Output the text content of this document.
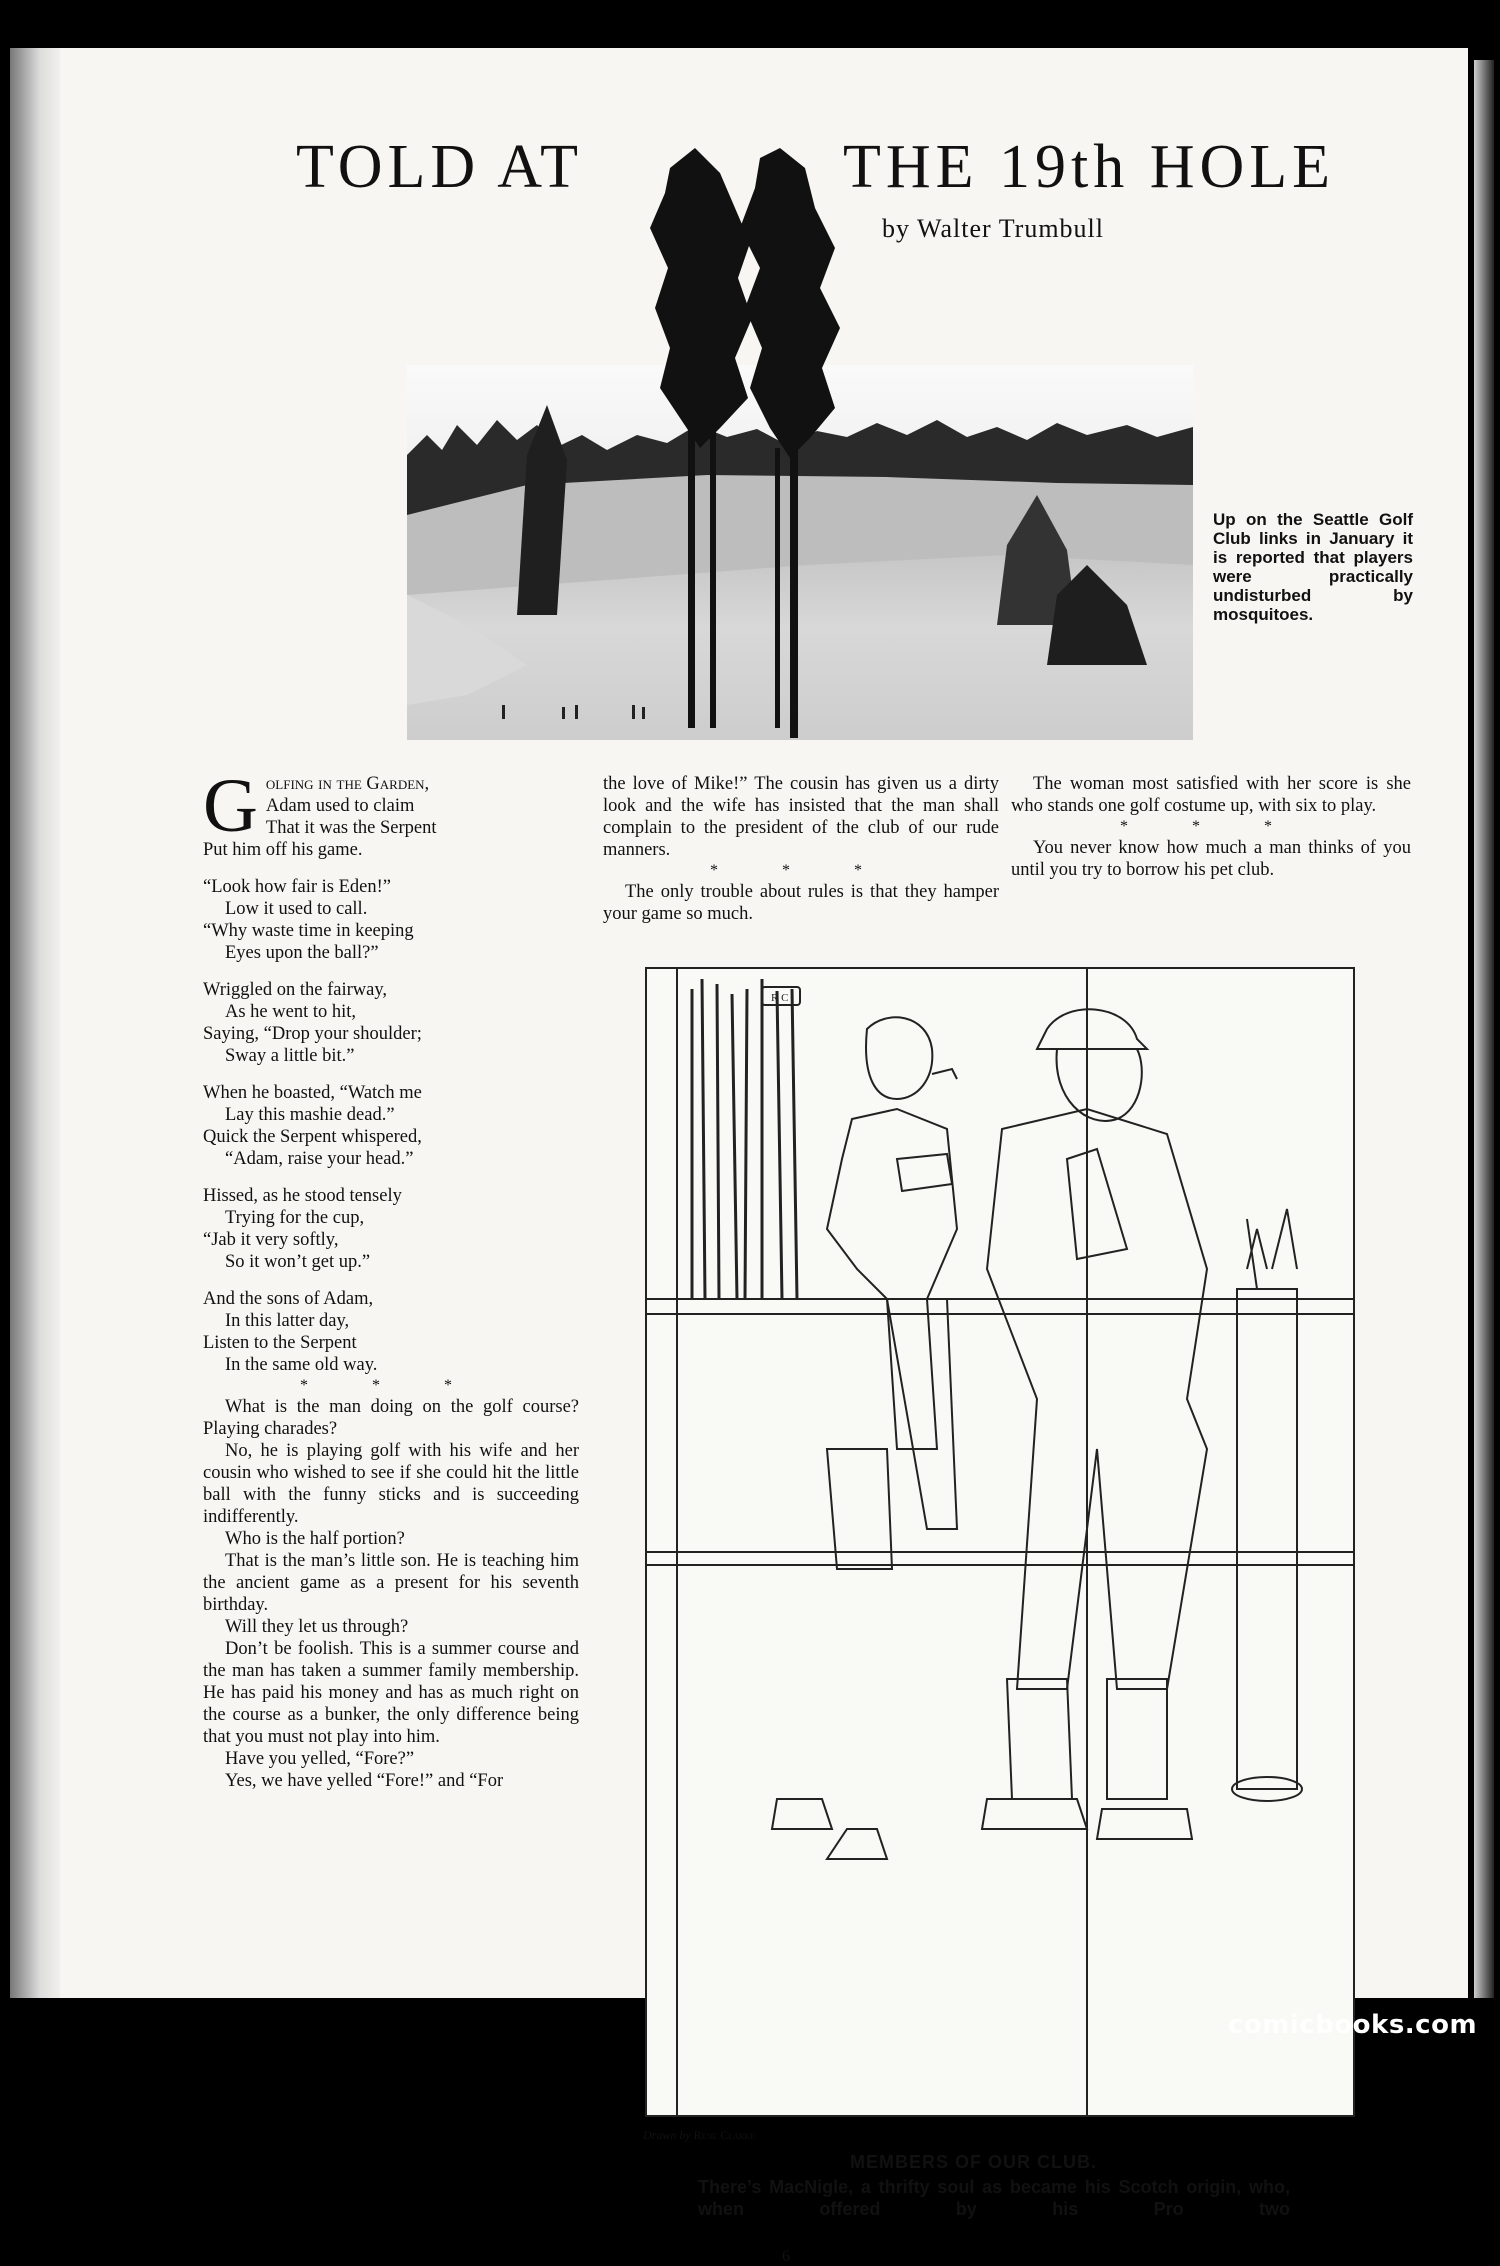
TOLD AT	THE 19th HOLE
by Walter Trumbull
Up on the Seattle Golf Club links in January it is reported that players were practically undisturbed by mosquitoes.
G olfing in the Garden,
Adam used to claim
That it was the Serpent
Put him off his game.
“Look how fair is Eden!”
Low it used to call.
“Why waste time in keeping
Eyes upon the ball?”
Wriggled on the fairway,
As he went to hit,
Saying, “Drop your shoulder;
Sway a little bit.”
When he boasted, “Watch me
Lay this mashie dead.”
Quick the Serpent whispered,
“Adam, raise your head.”
Hissed, as he stood tensely
Trying for the cup,
“Jab it very softly,
So it won’t get up.”
And the sons of Adam,
In this latter day,
Listen to the Serpent
In the same old way.
* * *

What is the man doing on the golf course? Playing charades?

No, he is playing golf with his wife and her cousin who wished to see if she could hit the little ball with the funny sticks and is succeeding indifferently.

Who is the half portion?

That is the man’s little son. He is teaching him the ancient game as a present for his seventh birthday.

Will they let us through?

Don’t be foolish. This is a summer course and the man has taken a summer family membership. He has paid his money and has as much right on the course as a bunker, the only difference being that you must not play into him.

Have you yelled, “Fore?”

Yes, we have yelled “Fore!” and “For

the love of Mike!” The cousin has given us a dirty look and the wife has insisted that the man shall complain to the president of the club of our rude manners.

* * *

The only trouble about rules is that they hamper your game so much.

The woman most satisfied with her score is she who stands one golf costume up, with six to play.

* * *

You never know how much a man thinks of you until you try to borrow his pet club.

R C
Drawn by Rene Clarke
MEMBERS OF OUR CLUB.
There’s MacNigle, a thrifty soul as became his Scotch origin, who, when offered by his Pro two
6
comicbooks.com
